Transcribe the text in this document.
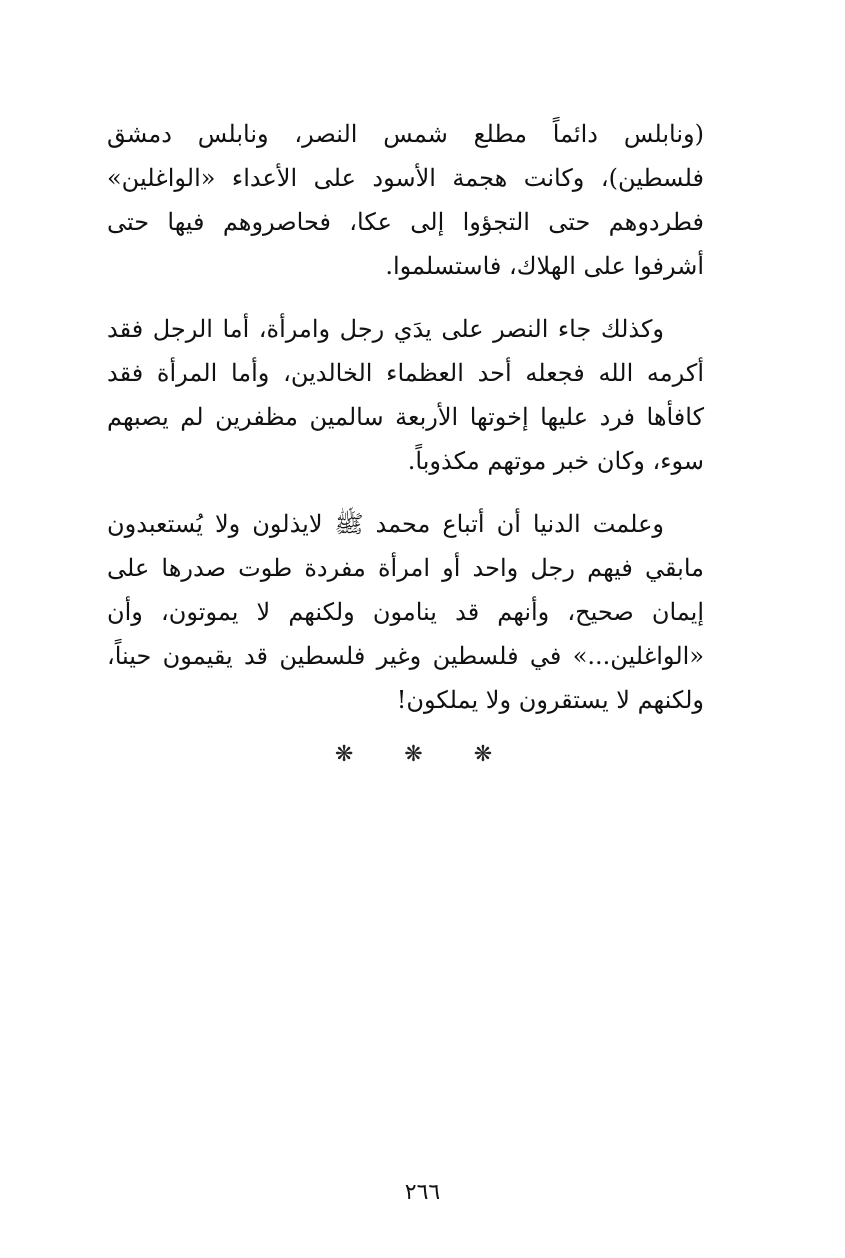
(ونابلس دائماً مطلع شمس النصر، ونابلس دمشق فلسطين)، وكانت هجمة الأسود على الأعداء «الواغلين» فطردوهم حتى التجؤوا إلى عكا، فحاصروهم فيها حتى أشرفوا على الهلاك، فاستسلموا.

وكذلك جاء النصر على يدَي رجل وامرأة، أما الرجل فقد أكرمه الله فجعله أحد العظماء الخالدين، وأما المرأة فقد كافأها فرد عليها إخوتها الأربعة سالمين مظفرين لم يصبهم سوء، وكان خبر موتهم مكذوباً.

وعلمت الدنيا أن أتباع محمد ﷺ لايذلون ولا يُستعبدون مابقي فيهم رجل واحد أو امرأة مفردة طوت صدرها على إيمان صحيح، وأنهم قد ينامون ولكنهم لا يموتون، وأن «الواغلين...» في فلسطين وغير فلسطين قد يقيمون حيناً، ولكنهم لا يستقرون ولا يملكون!

❋ ❋ ❋
٢٦٦
